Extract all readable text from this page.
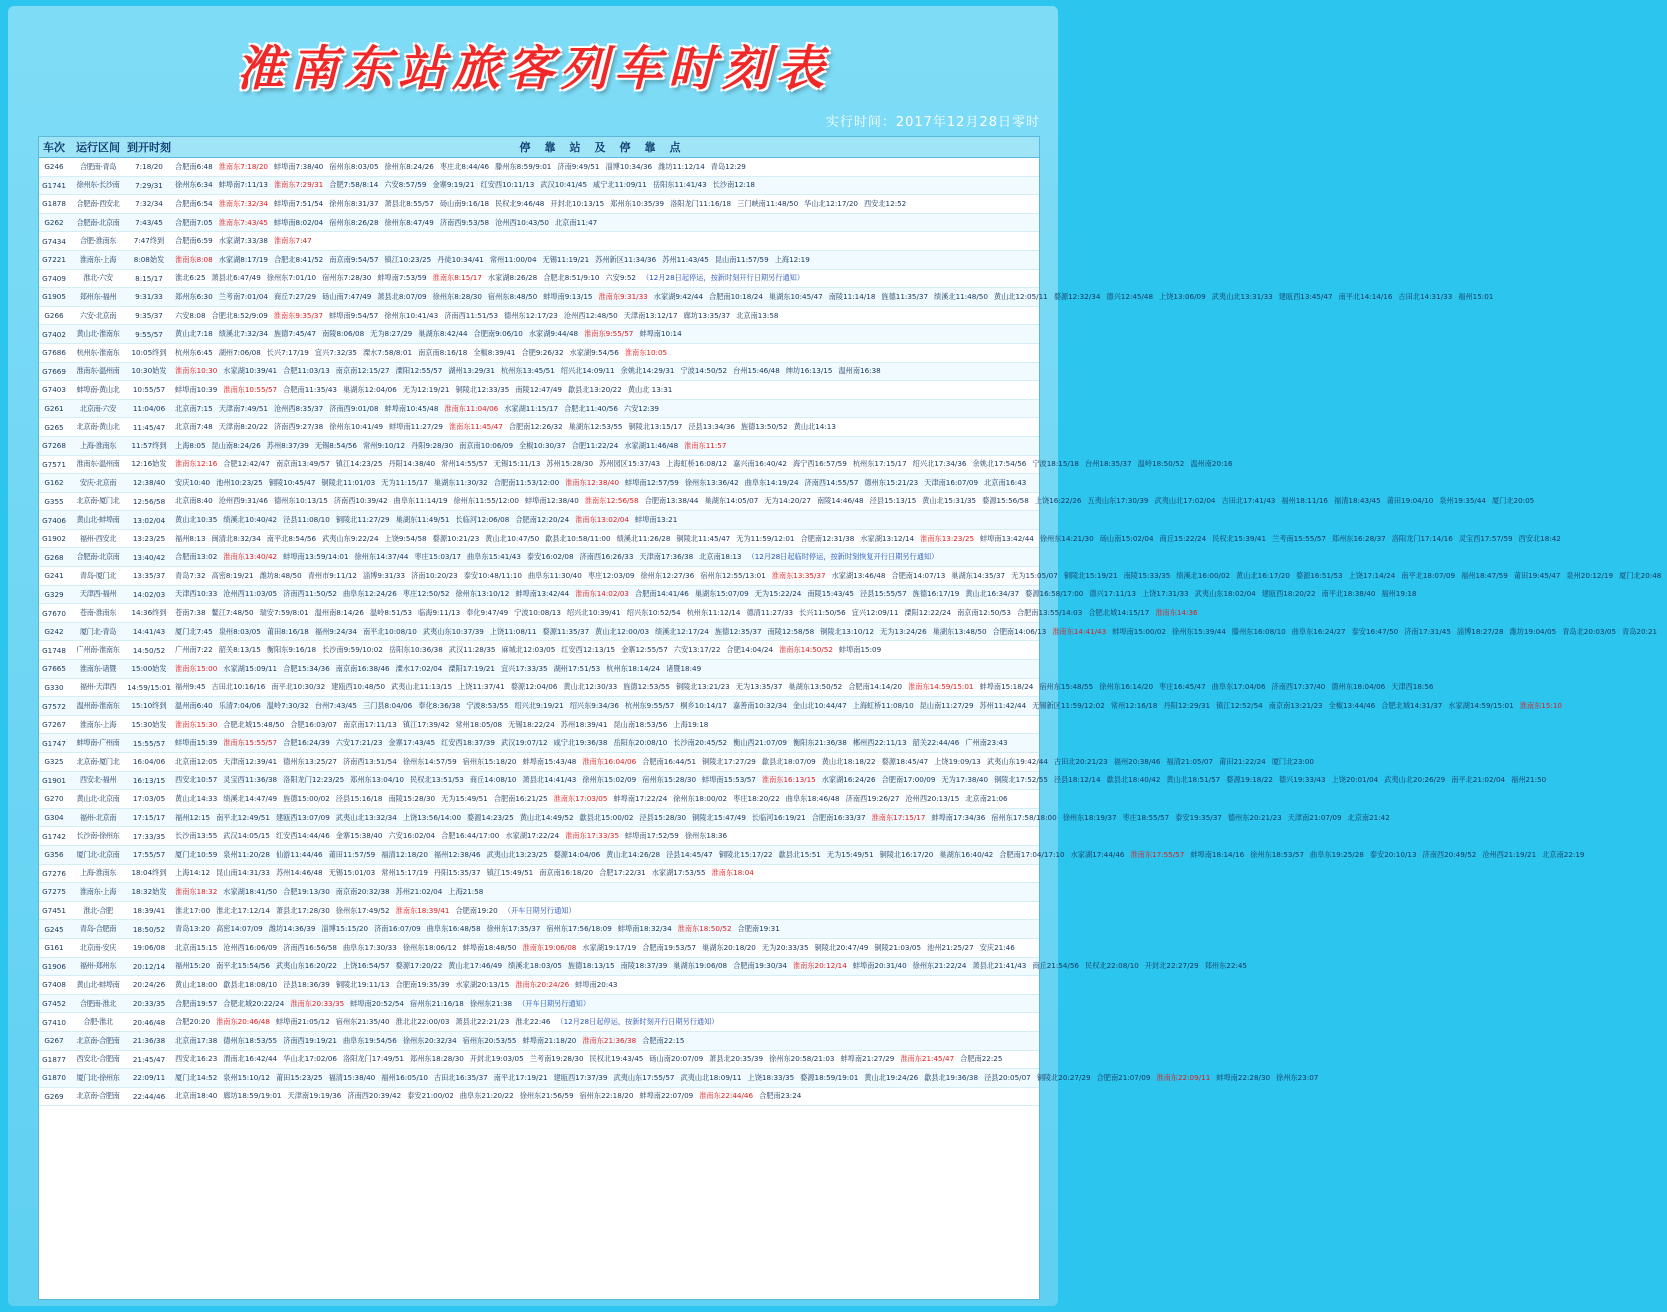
淮南东站旅客列车时刻表
实行时间：2017年12月28日零时
车次	运行区间 到开时刻	停靠站及停靠点
G246	合肥南-青岛	7:18/20	合肥南6:48 淮南东7:18/20 蚌埠南7:38/40 宿州东8:03/05 徐州东8:24/26 枣庄北8:44/46 滕州东8:59/9:01 济南9:49/51 淄博10:34/36 潍坊11:12/14 青岛12:29
G1741	徐州东-长沙南	7:29/31	徐州东6:34 蚌埠南7:11/13 淮南东7:29/31 合肥7:58/8:14 六安8:57/59 金寨9:19/21 红安西10:11/13 武汉10:41/45 咸宁北11:09/11 岳阳东11:41/43 长沙南12:18
G1878	合肥南-西安北	7:32/34	合肥南6:54 淮南东7:32/34 蚌埠南7:51/54 徐州东8:31/37 萧县北8:55/57 砀山南9:16/18 民权北9:46/48 开封北10:13/15 郑州东10:35/39 洛阳龙门11:16/18 三门峡南11:48/50 华山北12:17/20 西安北12:52
G262	合肥南-北京南	7:43/45	合肥南7:05 淮南东7:43/45 蚌埠南8:02/04 宿州东8:26/28 徐州东8:47/49 济南西9:53/58 沧州西10:43/50 北京南11:47
G7434	合肥-淮南东	7:47终到	合肥南6:59 水家湖7:33/38 淮南东7:47
G7221	淮南东-上海	8:08始发	淮南东8:08 水家湖8:17/19 合肥北8:41/52 南京南9:54/57 镇江10:23/25 丹徒10:34/41 常州11:00/04 无锡11:19/21 苏州新区11:34/36 苏州11:43/45 昆山南11:57/59 上海12:19
G7409	淮北-六安	8:15/17	淮北6:25 萧县北6:47/49 徐州东7:01/10 宿州东7:28/30 蚌埠南7:53/59 淮南东8:15/17 水家湖8:26/28 合肥北8:51/9:10 六安9:52 （12月28日起停运，按新时刻开行日期另行通知）
G1905	郑州东-福州	9:31/33	郑州东6:30 兰考南7:01/04 商丘7:27/29 砀山南7:47/49 萧县北8:07/09 徐州东8:28/30 宿州东8:48/50 蚌埠南9:13/15 淮南东9:31/33 水家湖9:42/44 合肥南10:18/24 巢湖东10:45/47 南陵11:14/18 旌德11:35/37 绩溪北11:48/50 黄山北12:05/11 婺源12:32/34 德兴12:45/48 上饶13:06/09 武夷山北13:31/33 建瓯西13:45/47 南平北14:14/16 古田北14:31/33 福州15:01
G266	六安-北京南	9:35/37	六安8:08 合肥北8:52/9:09 淮南东9:35/37 蚌埠南9:54/57 徐州东10:41/43 济南西11:51/53 德州东12:17/23 沧州西12:48/50 天津南13:12/17 廊坊13:35/37 北京南13:58
G7402	黄山北-淮南东	9:55/57	黄山北7:18 绩溪北7:32/34 旌德7:45/47 南陵8:06/08 无为8:27/29 巢湖东8:42/44 合肥南9:06/10 水家湖9:44/48 淮南东9:55/57 蚌埠南10:14
G7686	杭州东-淮南东	10:05终到	杭州东6:45 湖州7:06/08 长兴7:17/19 宜兴7:32/35 溧水7:58/8:01 南京南8:16/18 全椒8:39/41 合肥9:26/32 水家湖9:54/56 淮南东10:05
G7669	淮南东-温州南	10:30始发	淮南东10:30 水家湖10:39/41 合肥11:03/13 南京南12:15/27 溧阳12:55/57 湖州13:29/31 杭州东13:45/51 绍兴北14:09/11 余姚北14:29/31 宁波14:50/52 台州15:46/48 绅坊16:13/15 温州南16:38
G7403	蚌埠南-黄山北	10:55/57	蚌埠南10:39 淮南东10:55/57 合肥南11:35/43 巢湖东12:04/06 无为12:19/21 铜陵北12:33/35 南陵12:47/49 歙县北13:20/22 黄山北 13:31
G261	北京南-六安	11:04/06	北京南7:15 天津南7:49/51 沧州西8:35/37 济南西9:01/08 蚌埠南10:45/48 淮南东11:04/06 水家湖11:15/17 合肥北11:40/56 六安12:39
G265	北京南-黄山北	11:45/47	北京南7:48 天津南8:20/22 济南西9:27/38 徐州东10:41/49 蚌埠南11:27/29 淮南东11:45/47 合肥南12:26/32 巢湖东12:53/55 铜陵北13:15/17 泾县13:34/36 旌德13:50/52 黄山北14:13
G7268	上海-淮南东	11:57终到	上海8:05 昆山南8:24/26 苏州8:37/39 无锡8:54/56 常州9:10/12 丹阳9:28/30 南京南10:06/09 全椒10:30/37 合肥11:22/24 水家湖11:46/48 淮南东11:57
G7571	淮南东-温州南	12:16始发	淮南东12:16 合肥12:42/47 南京南13:49/57 镇江14:23/25 丹阳14:38/40 常州14:55/57 无锡15:11/13 苏州15:28/30 苏州园区15:37/43 上海虹桥16:08/12 嘉兴南16:40/42 海宁西16:57/59 杭州东17:15/17 绍兴北17:34/36 余姚北17:54/56 宁波18:15/18 台州18:35/37 温岭18:50/52 温州南20:16
G162	安庆-北京南	12:38/40	安庆10:40 池州10:23/25 铜陵10:45/47 铜陵北11:01/03 无为11:15/17 巢湖东11:30/32 合肥南11:53/12:00 淮南东12:38/40 蚌埠南12:57/59 徐州东13:36/42 曲阜东14:19/24 济南西14:55/57 德州东15:21/23 天津南16:07/09 北京南16:43
G355	北京南-厦门北	12:56/58	北京南8:40 沧州西9:31/46 德州东10:13/15 济南西10:39/42 曲阜东11:14/19 徐州东11:55/12:00 蚌埠南12:38/40 淮南东12:56/58 合肥南13:38/44 巢湖东14:05/07 无为14:20/27 南陵14:46/48 泾县15:13/15 黄山北15:31/35 婺源15:56/58 上饶16:22/26 五夷山东17:30/39 武夷山北17:02/04 古田北17:41/43 福州18:11/16 福清18:43/45 莆田19:04/10 泉州19:35/44 厦门北20:05
G7406	黄山北-蚌埠南	13:02/04	黄山北10:35 绩溪北10:40/42 泾县11:08/10 铜陵北11:27/29 巢湖东11:49/51 长临河12:06/08 合肥南12:20/24 淮南东13:02/04 蚌埠南13:21
G1902	福州-西安北	13:23/25	福州8:13 闽清北8:32/34 南平北8:54/56 武夷山东9:22/24 上饶9:54/58 婺源10:21/23 黄山北10:47/50 歙县北10:58/11:00 绩溪北11:26/28 铜陵北11:45/47 无为11:59/12:01 合肥南12:31/38 水家湖13:12/14 淮南东13:23/25 蚌埠南13:42/44 徐州东14:21/30 砀山南15:02/04 商丘15:22/24 民权北15:39/41 兰考南15:55/57 郑州东16:28/37 洛阳龙门17:14/16 灵宝西17:57/59 西安北18:42
G268	合肥南-北京南	13:40/42	合肥南13:02 淮南东13:40/42 蚌埠南13:59/14:01 徐州东14:37/44 枣庄15:03/17 曲阜东15:41/43 泰安16:02/08 济南西16:26/33 天津南17:36/38 北京南18:13 （12月28日起临时停运，按新时刻恢复开行日期另行通知）
G241	青岛-厦门北	13:35/37	青岛7:32 高密8:19/21 潍坊8:48/50 青州市9:11/12 淄博9:31/33 济南10:20/23 泰安10:48/11:10 曲阜东11:30/40 枣庄12:03/09 徐州东12:27/36 宿州东12:55/13:01 淮南东13:35/37 水家湖13:46/48 合肥南14:07/13 巢湖东14:35/37 无为15:05/07 铜陵北15:19/21 南陵15:33/35 绩溪北16:00/02 黄山北16:17/20 婺源16:51/53 上饶17:14/24 南平北18:07/09 福州18:47/59 莆田19:45/47 泉州20:12/19 厦门北20:48
G329	天津西-福州	14:02/03	天津西10:33 沧州西11:03/05 济南西11:50/52 曲阜东12:24/26 枣庄12:50/52 徐州东13:10/12 蚌埠南13:42/44 淮南东14:02/03 合肥南14:41/46 巢湖东15:07/09 无为15:22/24 南陵15:43/45 泾县15:55/57 旌德16:17/19 黄山北16:34/37 婺源16:58/17:00 德兴17:11/13 上饶17:31/33 武夷山东18:02/04 建瓯西18:20/22 南平北18:38/40 福州19:18
G7670	苍南-淮南东	14:36终到	苍南7:38 鳌江7:48/50 瑞安7:59/8:01 温州南8:14/26 温岭8:51/53 临海9:11/13 奉化9:47/49 宁波10:08/13 绍兴北10:39/41 绍兴东10:52/54 杭州东11:12/14 德清11:27/33 长兴11:50/56 宜兴12:09/11 溧阳12:22/24 南京南12:50/53 合肥南13:55/14:03 合肥北城14:15/17 淮南东14:36
G242	厦门北-青岛	14:41/43	厦门北7:45 泉州8:03/05 莆田8:16/18 福州9:24/34 南平北10:08/10 武夷山东10:37/39 上饶11:08/11 婺源11:35/37 黄山北12:00/03 绩溪北12:17/24 旌德12:35/37 南陵12:58/58 铜陵北13:10/12 无为13:24/26 巢湖东13:48/50 合肥南14:06/13 淮南东14:41/43 蚌埠南15:00/02 徐州东15:39/44 滕州东16:08/10 曲阜东16:24/27 泰安16:47/50 济南17:31/45 淄博18:27/28 潍坊19:04/05 青岛北20:03/05 青岛20:21
G1748	广州南-淮南东	14:50/52	广州南7:22 韶关8:13/15 衡阳东9:16/18 长沙南9:59/10:02 岳阳东10:36/38 武汉11:28/35 麻城北12:03/05 红安西12:13/15 金寨12:55/57 六安13:17/22 合肥14:04/24 淮南东14:50/52 蚌埠南15:09
G7665	淮南东-诸暨	15:00始发	淮南东15:00 水家湖15:09/11 合肥15:34/36 南京南16:38/46 溧水17:02/04 溧阳17:19/21 宜兴17:33/35 湖州17:51/53 杭州东18:14/24 诸暨18:49
G330	福州-天津西	14:59/15:01 福州9:45 古田北10:16/16 南平北10:30/32 建瓯西10:48/50 武夷山北11:13/15 上饶11:37/41 婺源12:04/06 黄山北12:30/33 旌德12:53/55 铜陵北13:21/23 无为13:35/37 巢湖东13:50/52 合肥南14:14/20 淮南东14:59/15:01 蚌埠南15:18/24 宿州东15:48/55 徐州东16:14/20 枣庄16:45/47 曲阜东17:04/06 济南西17:37/40 德州东18:04/06 天津西18:56
G7572	温州南-淮南东	15:10终到	温州南6:40 乐清7:04/06 温岭7:30/32 台州7:43/45 三门县8:04/06 奉化8:36/38 宁波8:53/55 绍兴北9:19/21 绍兴东9:34/36 杭州东9:55/57 桐乡10:14/17 嘉善南10:32/34 金山北10:44/47 上海虹桥11:08/10 昆山南11:27/29 苏州11:42/44 无锡新区11:59/12:02 常州12:16/18 丹阳12:29/31 镇江12:52/54 南京南13:21/23 全椒13:44/46 合肥北城14:31/37 水家湖14:59/15:01 淮南东15:10
G7267	淮南东-上海	15:30始发	淮南东15:30 合肥北城15:48/50 合肥16:03/07 南京南17:11/13 镇江17:39/42 常州18:05/08 无锡18:22/24 苏州18:39/41 昆山南18:53/56 上海19:18
G1747	蚌埠南-广州南	15:55/57	蚌埠南15:39 淮南东15:55/57 合肥16:24/39 六安17:21/23 金寨17:43/45 红安西18:37/39 武汉19:07/12 咸宁北19:36/38 岳阳东20:08/10 长沙南20:45/52 衡山西21:07/09 衡阳东21:36/38 郴州西22:11/13 韶关22:44/46 广州南23:43
G325	北京南-厦门北	16:04/06	北京南12:05 天津南12:39/41 德州东13:25/27 济南西13:51/54 徐州东14:57/59 宿州东15:18/20 蚌埠南15:43/48 淮南东16:04/06 合肥南16:44/51 铜陵北17:27/29 歙县北18:07/09 黄山北18:18/22 婺源18:45/47 上饶19:09/13 武夷山东19:42/44 古田北20:21/23 福州20:38/46 福清21:05/07 莆田21:22/24 厦门北23:00
G1901	西安北-福州	16:13/15	西安北10:57 灵宝西11:36/38 洛阳龙门12:23/25 郑州东13:04/10 民权北13:51/53 商丘14:08/10 萧县北14:41/43 徐州东15:02/09 宿州东15:28/30 蚌埠南15:53/57 淮南东16:13/15 水家湖16:24/26 合肥南17:00/09 无为17:38/40 铜陵北17:52/55 泾县18:12/14 歙县北18:40/42 黄山北18:51/57 婺源19:18/22 德兴19:33/43 上饶20:01/04 武夷山北20:26/29 南平北21:02/04 福州21:50
G270	黄山北-北京南	17:03/05	黄山北14:33 绩溪北14:47/49 旌德15:00/02 泾县15:16/18 南陵15:28/30 无为15:49/51 合肥南16:21/25 淮南东17:03/05 蚌埠南17:22/24 徐州东18:00/02 枣庄18:20/22 曲阜东18:46/48 济南西19:26/27 沧州西20:13/15 北京南21:06
G304	福州-北京南	17:15/17	福州12:15 南平北12:49/51 建瓯西13:07/09 武夷山北13:32/34 上饶13:56/14:00 婺源14:23/25 黄山北14:49/52 歙县北15:00/02 泾县15:28/30 铜陵北15:47/49 长临河16:19/21 合肥南16:33/37 淮南东17:15/17 蚌埠南17:34/36 宿州东17:58/18:00 徐州东18:19/37 枣庄18:55/57 泰安19:35/37 德州东20:21/23 天津南21:07/09 北京南21:42
G1742	长沙南-徐州东	17:33/35	长沙南13:55 武汉14:05/15 红安西14:44/46 金寨15:38/40 六安16:02/04 合肥16:44/17:00 水家湖17:22/24 淮南东17:33/35 蚌埠南17:52/59 徐州东18:36
G356	厦门北-北京南	17:55/57	厦门北10:59 泉州11:20/28 仙游11:44/46 莆田11:57/59 福清12:18/20 福州12:38/46 武夷山北13:23/25 婺源14:04/06 黄山北14:26/28 泾县14:45/47 铜陵北15:17/22 歙县北15:51 无为15:49/51 铜陵北16:17/20 巢湖东16:40/42 合肥南17:04/17:10 水家湖17:44/46 淮南东17:55/57 蚌埠南18:14/16 徐州东18:53/57 曲阜东19:25/28 泰安20:10/13 济南西20:49/52 沧州西21:19/21 北京南22:19
G7276	上海-淮南东	18:04终到	上海14:12 昆山南14:31/33 苏州14:46/48 无锡15:01/03 常州15:17/19 丹阳15:35/37 镇江15:49/51 南京南16:18/20 合肥17:22/31 水家湖17:53/55 淮南东18:04
G7275	淮南东-上海	18:32始发	淮南东18:32 水家湖18:41/50 合肥19:13/30 南京南20:32/38 苏州21:02/04 上海21:58
G7451	淮北-合肥	18:39/41	淮北17:00 淮北北17:12/14 萧县北17:28/30 徐州东17:49/52 淮南东18:39/41 合肥南19:20 （开车日期另行通知）
G245	青岛-合肥南	18:50/52	青岛13:20 高密14:07/09 潍坊14:36/39 淄博15:15/20 济南16:07/09 曲阜东16:48/58 徐州东17:35/37 宿州东17:56/18:09 蚌埠南18:32/34 淮南东18:50/52 合肥南19:31
G161	北京南-安庆	19:06/08	北京南15:15 沧州西16:06/09 济南西16:56/58 曲阜东17:30/33 徐州东18:06/12 蚌埠南18:48/50 淮南东19:06/08 水家湖19:17/19 合肥南19:53/57 巢湖东20:18/20 无为20:33/35 铜陵北20:47/49 铜陵21:03/05 池州21:25/27 安庆21:46
G1906	福州-郑州东	20:12/14	福州15:20 南平北15:54/56 武夷山东16:20/22 上饶16:54/57 婺源17:20/22 黄山北17:46/49 绩溪北18:03/05 旌德18:13/15 南陵18:37/39 巢湖东19:06/08 合肥南19:30/34 淮南东20:12/14 蚌埠南20:31/40 徐州东21:22/24 萧县北21:41/43 商丘21:54/56 民权北22:08/10 开封北22:27/29 郑州东22:45
G7408	黄山北-蚌埠南	20:24/26	黄山北18:00 歙县北18:08/10 泾县18:36/39 铜陵北19:11/13 合肥南19:35/39 水家湖20:13/15 淮南东20:24/26 蚌埠南20:43
G7452	合肥南-淮北	20:33/35	合肥南19:57 合肥北城20:22/24 淮南东20:33/35 蚌埠南20:52/54 宿州东21:16/18 徐州东21:38 （开车日期另行通知）
G7410	合肥-淮北	20:46/48	合肥20:20 淮南东20:46/48 蚌埠南21:05/12 宿州东21:35/40 淮北北22:00/03 萧县北22:21/23 淮北22:46 （12月28日起停运，按新时刻开行日期另行通知）
G267	北京南-合肥南	21:36/38	北京南17:38 德州东18:53/55 济南西19:19/21 曲阜东19:54/56 徐州东20:32/34 宿州东20:53/55 蚌埠南21:18/20 淮南东21:36/38 合肥南22:15
G1877	西安北-合肥南	21:45/47	西安北16:23 渭南北16:42/44 华山北17:02/06 洛阳龙门17:49/51 郑州东18:28/30 开封北19:03/05 兰考南19:28/30 民权北19:43/45 砀山南20:07/09 萧县北20:35/39 徐州东20:58/21:03 蚌埠南21:27/29 淮南东21:45/47 合肥南22:25
G1870	厦门北-徐州东	22:09/11	厦门北14:52 泉州15:10/12 莆田15:23/25 福清15:38/40 福州16:05/10 古田北16:35/37 南平北17:19/21 建瓯西17:37/39 武夷山东17:55/57 武夷山北18:09/11 上饶18:33/35 婺源18:59/19:01 黄山北19:24/26 歙县北19:36/38 泾县20:05/07 铜陵北20:27/29 合肥南21:07/09 淮南东22:09/11 蚌埠南22:28/30 徐州东23:07
G269	北京南-合肥南	22:44/46	北京南18:40 廊坊18:59/19:01 天津南19:19/36 济南西20:39/42 泰安21:00/02 曲阜东21:20/22 徐州东21:56/59 宿州东22:18/20 蚌埠南22:07/09 淮南东22:44/46 合肥南23:24
@淮南帮
